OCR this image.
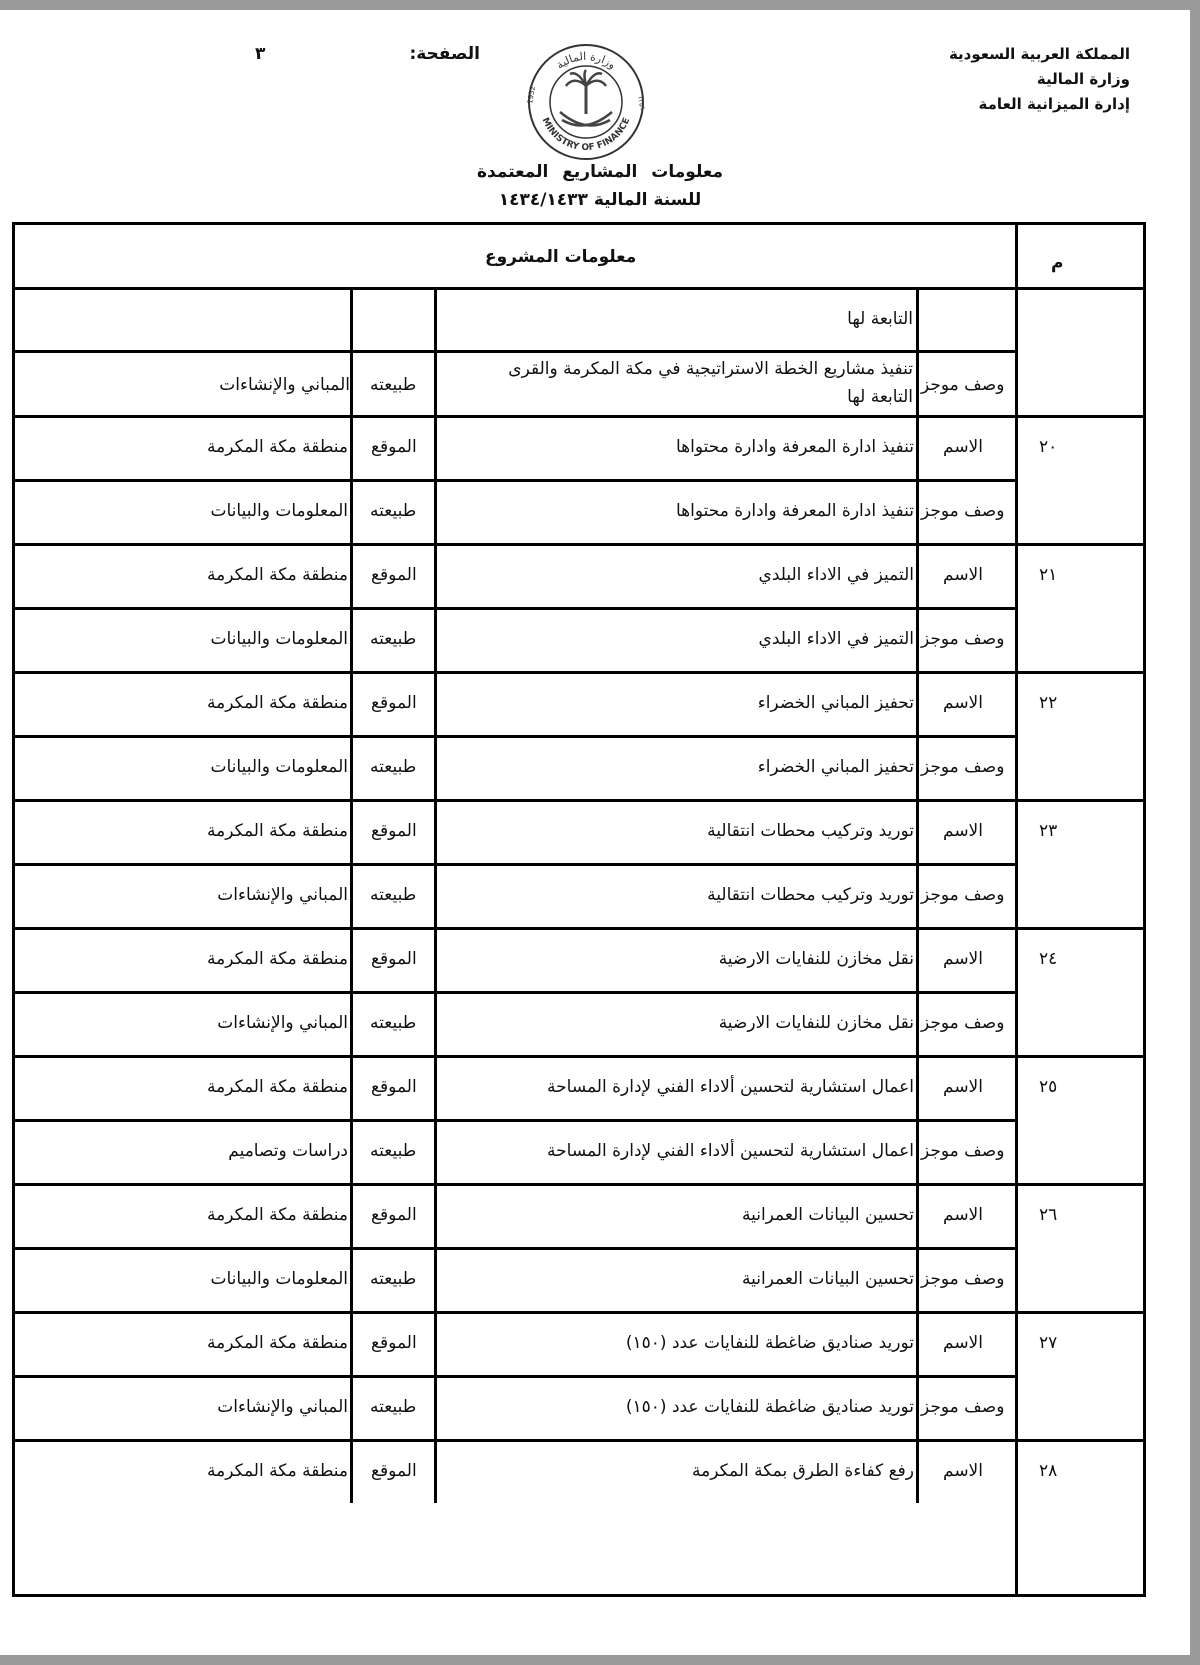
المملكة العربية السعودية
وزارة المالية
إدارة الميزانية العامة
الصفحة:
٣
وزارة المالية
MINISTRY OF FINANCE
1932	١٣٥١
معلومات المشاريع المعتمدة
للسنة المالية ١٤٣٤/١٤٣٣
م
معلومات المشروع
التابعة لها
وصف موجز
تنفيذ مشاريع الخطة الاستراتيجية في مكة المكرمة والقرى
التابعة لها
طبيعته
المباني والإنشاءات
٢٠
الاسم
تنفيذ ادارة المعرفة وادارة محتواها
الموقع
منطقة مكة المكرمة
وصف موجز
تنفيذ ادارة المعرفة وادارة محتواها
طبيعته
المعلومات والبيانات
٢١
الاسم
التميز في الاداء البلدي
الموقع
منطقة مكة المكرمة
وصف موجز
التميز في الاداء البلدي
طبيعته
المعلومات والبيانات
٢٢
الاسم
تحفيز المباني الخضراء
الموقع
منطقة مكة المكرمة
وصف موجز
تحفيز المباني الخضراء
طبيعته
المعلومات والبيانات
٢٣
الاسم
توريد وتركيب محطات انتقالية
الموقع
منطقة مكة المكرمة
وصف موجز
توريد وتركيب محطات انتقالية
طبيعته
المباني والإنشاءات
٢٤
الاسم
نقل مخازن للنفايات الارضية
الموقع
منطقة مكة المكرمة
وصف موجز
نقل مخازن للنفايات الارضية
طبيعته
المباني والإنشاءات
٢٥
الاسم
اعمال استشارية لتحسين ألاداء الفني لإدارة المساحة
الموقع
منطقة مكة المكرمة
وصف موجز
اعمال استشارية لتحسين ألاداء الفني لإدارة المساحة
طبيعته
دراسات وتصاميم
٢٦
الاسم
تحسين البيانات العمرانية
الموقع
منطقة مكة المكرمة
وصف موجز
تحسين البيانات العمرانية
طبيعته
المعلومات والبيانات
٢٧
الاسم
توريد صناديق ضاغطة للنفايات عدد (١٥٠)
الموقع
منطقة مكة المكرمة
وصف موجز
توريد صناديق ضاغطة للنفايات عدد (١٥٠)
طبيعته
المباني والإنشاءات
٢٨
الاسم
رفع كفاءة الطرق بمكة المكرمة
الموقع
منطقة مكة المكرمة
